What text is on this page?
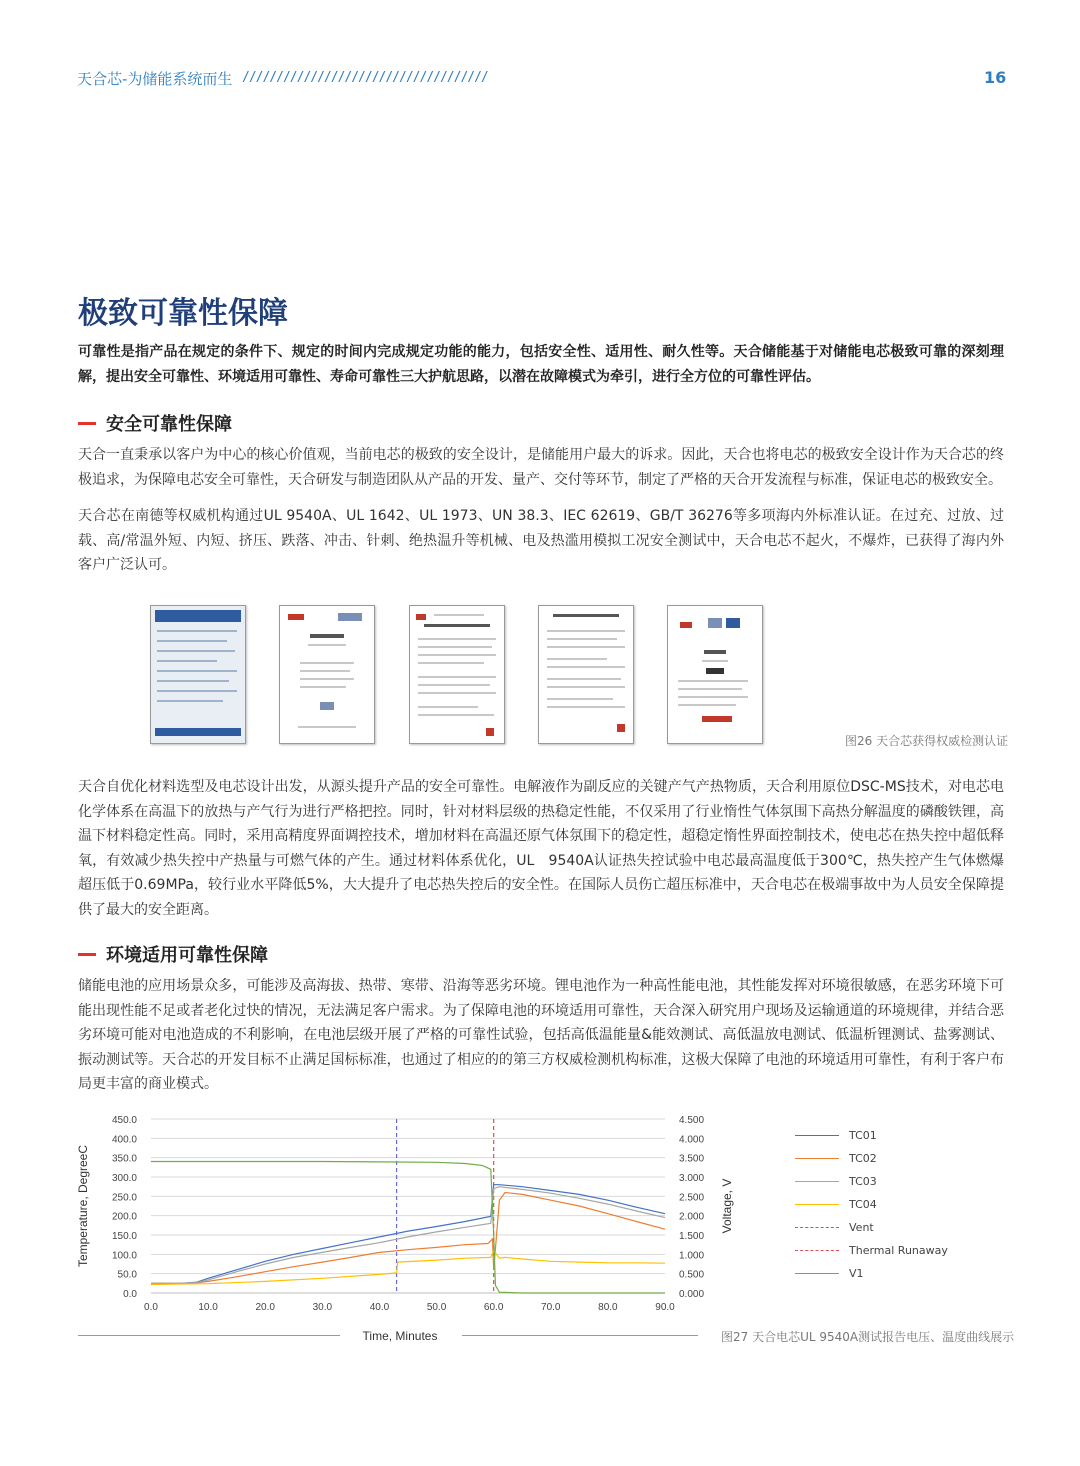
天合芯-为储能系统而生 ////////////////////////////////////	16
极致可靠性保障
可靠性是指产品在规定的条件下、规定的时间内完成规定功能的能力，包括安全性、适用性、耐久性等。天合储能基于对储能电芯极致可靠的深刻理解，提出安全可靠性、环境适用可靠性、寿命可靠性三大护航思路，以潜在故障模式为牵引，进行全方位的可靠性评估。
安全可靠性保障
天合一直秉承以客户为中心的核心价值观，当前电芯的极致的安全设计，是储能用户最大的诉求。因此，天合也将电芯的极致安全设计作为天合芯的终极追求，为保障电芯安全可靠性，天合研发与制造团队从产品的开发、量产、交付等环节，制定了严格的天合开发流程与标准，保证电芯的极致安全。
天合芯在南德等权威机构通过UL 9540A、UL 1642、UL 1973、UN 38.3、IEC 62619、GB/T 36276等多项海内外标准认证。在过充、过放、过载、高/常温外短、内短、挤压、跌落、冲击、针刺、绝热温升等机械、电及热滥用模拟工况安全测试中，天合电芯不起火，不爆炸，已获得了海内外客户广泛认可。
图26 天合芯获得权威检测认证
天合自优化材料选型及电芯设计出发，从源头提升产品的安全可靠性。电解液作为副反应的关键产气产热物质，天合利用原位DSC-MS技术，对电芯电化学体系在高温下的放热与产气行为进行严格把控。同时，针对材料层级的热稳定性能，不仅采用了行业惰性气体氛围下高热分解温度的磷酸铁锂，高温下材料稳定性高。同时，采用高精度界面调控技术，增加材料在高温还原气体氛围下的稳定性，超稳定惰性界面控制技术，使电芯在热失控中超低释氧，有效减少热失控中产热量与可燃气体的产生。通过材料体系优化，UL　9540A认证热失控试验中电芯最高温度低于300℃，热失控产生气体燃爆超压低于0.69MPa，较行业水平降低5%，大大提升了电芯热失控后的安全性。在国际人员伤亡超压标准中，天合电芯在极端事故中为人员安全保障提供了最大的安全距离。
环境适用可靠性保障
储能电池的应用场景众多，可能涉及高海拔、热带、寒带、沿海等恶劣环境。锂电池作为一种高性能电池，其性能发挥对环境很敏感，在恶劣环境下可能出现性能不足或者老化过快的情况，无法满足客户需求。为了保障电池的环境适用可靠性，天合深入研究用户现场及运输通道的环境规律，并结合恶劣环境可能对电池造成的不利影响，在电池层级开展了严格的可靠性试验，包括高低温能量&能效测试、高低温放电测试、低温析锂测试、盐雾测试、振动测试等。天合芯的开发目标不止满足国标标准，也通过了相应的的第三方权威检测机构标准，这极大保障了电池的环境适用可靠性，有利于客户布局更丰富的商业模式。
0.0
50.0
100.0
150.0
200.0
250.0
300.0
350.0
400.0
450.0
0.000
0.500
1.000
1.500
2.000
2.500
3.000
3.500
4.000
4.500
0.0	10.0	20.0	30.0	40.0	50.0	60.0	70.0	80.0	90.0
Time, Minutes
Temperature, DegreeC	Voltage, V
TC01
TC02
TC03
TC04
Vent
Thermal Runaway
V1
图27 天合电芯UL 9540A测试报告电压、温度曲线展示
